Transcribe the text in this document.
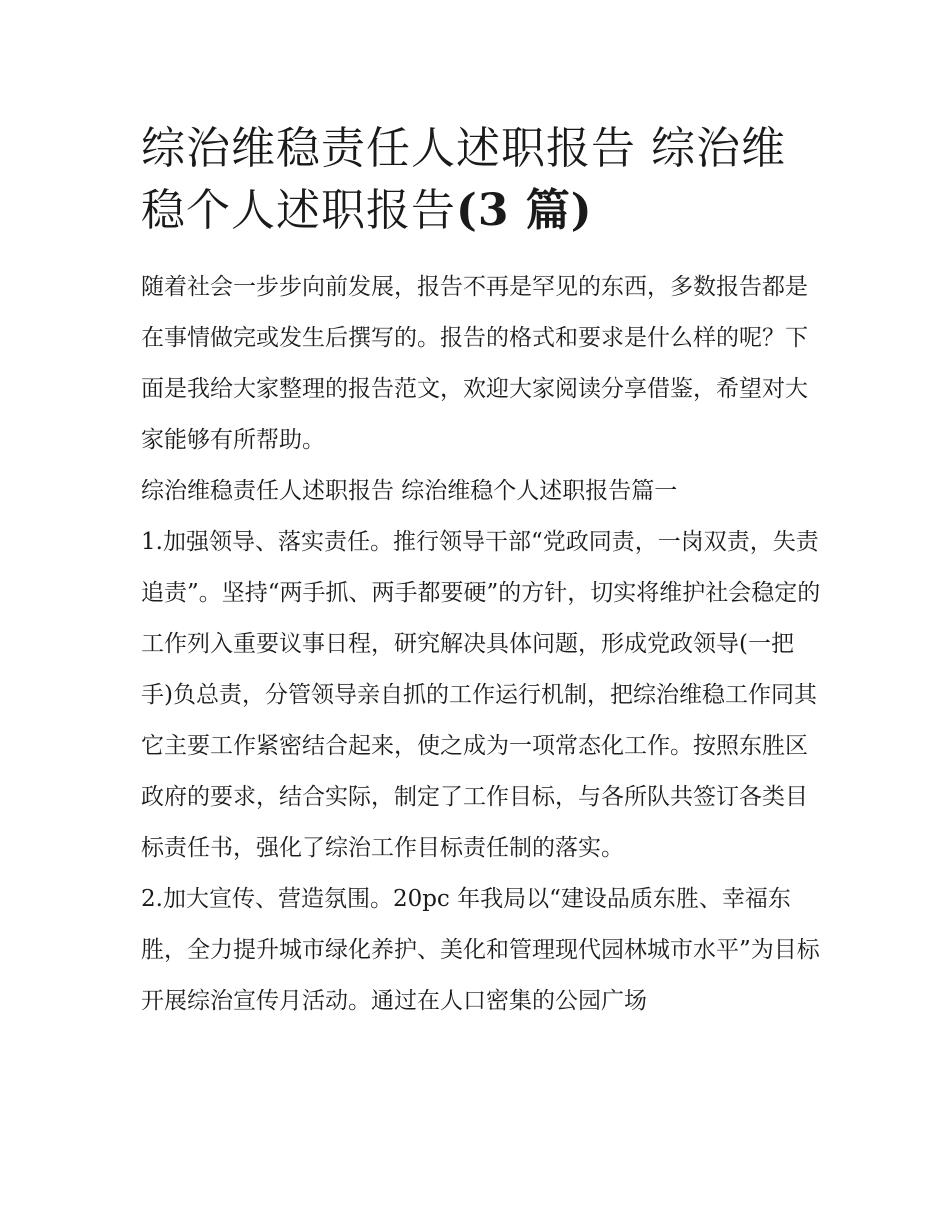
综治维稳责任人述职报告 综治维稳个人述职报告(3 篇)

随着社会一步步向前发展，报告不再是罕见的东西，多数报告都是在事情做完或发生后撰写的。报告的格式和要求是什么样的呢？下面是我给大家整理的报告范文，欢迎大家阅读分享借鉴，希望对大家能够有所帮助。

综治维稳责任人述职报告 综治维稳个人述职报告篇一

1.加强领导、落实责任。推行领导干部“党政同责，一岗双责，失责追责”。坚持“两手抓、两手都要硬”的方针，切实将维护社会稳定的工作列入重要议事日程，研究解决具体问题，形成党政领导(一把手)负总责，分管领导亲自抓的工作运行机制，把综治维稳工作同其它主要工作紧密结合起来，使之成为一项常态化工作。按照东胜区政府的要求，结合实际，制定了工作目标，与各所队共签订各类目标责任书，强化了综治工作目标责任制的落实。

2.加大宣传、营造氛围。20pc 年我局以“建设品质东胜、幸福东胜，全力提升城市绿化养护、美化和管理现代园林城市水平”为目标开展综治宣传月活动。通过在人口密集的公园广场
